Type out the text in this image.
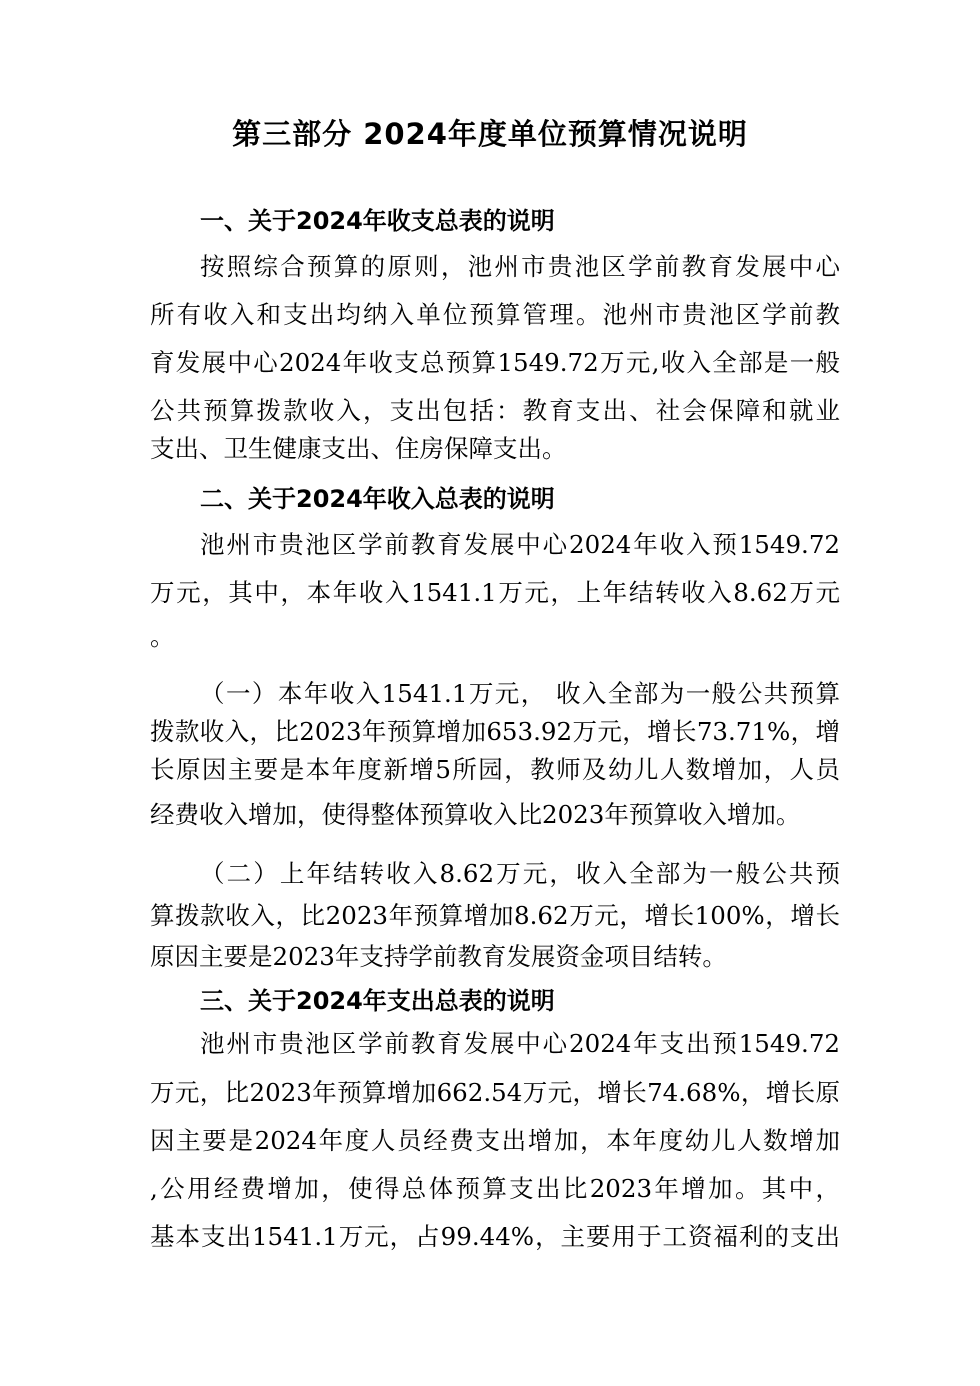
第三部分 2024年度单位预算情况说明
一、关于2024年收支总表的说明
按照综合预算的原则，池州市贵池区学前教育发展中心
所有收入和支出均纳入单位预算管理。池州市贵池区学前教
育发展中心2024年收支总预算1549.72万元,收入全部是一般
公共预算拨款收入，支出包括：教育支出、社会保障和就业
支出、卫生健康支出、住房保障支出。
二、关于2024年收入总表的说明
池州市贵池区学前教育发展中心2024年收入预1549.72
万元，其中，本年收入1541.1万元，上年结转收入8.62万元
。
（一）本年收入1541.1万元， 收入全部为一般公共预算
拨款收入，比2023年预算增加653.92万元，增长73.71%，增
长原因主要是本年度新增5所园，教师及幼儿人数增加，人员
经费收入增加，使得整体预算收入比2023年预算收入增加。
（二）上年结转收入8.62万元，收入全部为一般公共预
算拨款收入，比2023年预算增加8.62万元，增长100%，增长
原因主要是2023年支持学前教育发展资金项目结转。
三、关于2024年支出总表的说明
池州市贵池区学前教育发展中心2024年支出预1549.72
万元，比2023年预算增加662.54万元，增长74.68%，增长原
因主要是2024年度人员经费支出增加，本年度幼儿人数增加
,公用经费增加，使得总体预算支出比2023年增加。其中，
基本支出1541.1万元，占99.44%，主要用于工资福利的支出
